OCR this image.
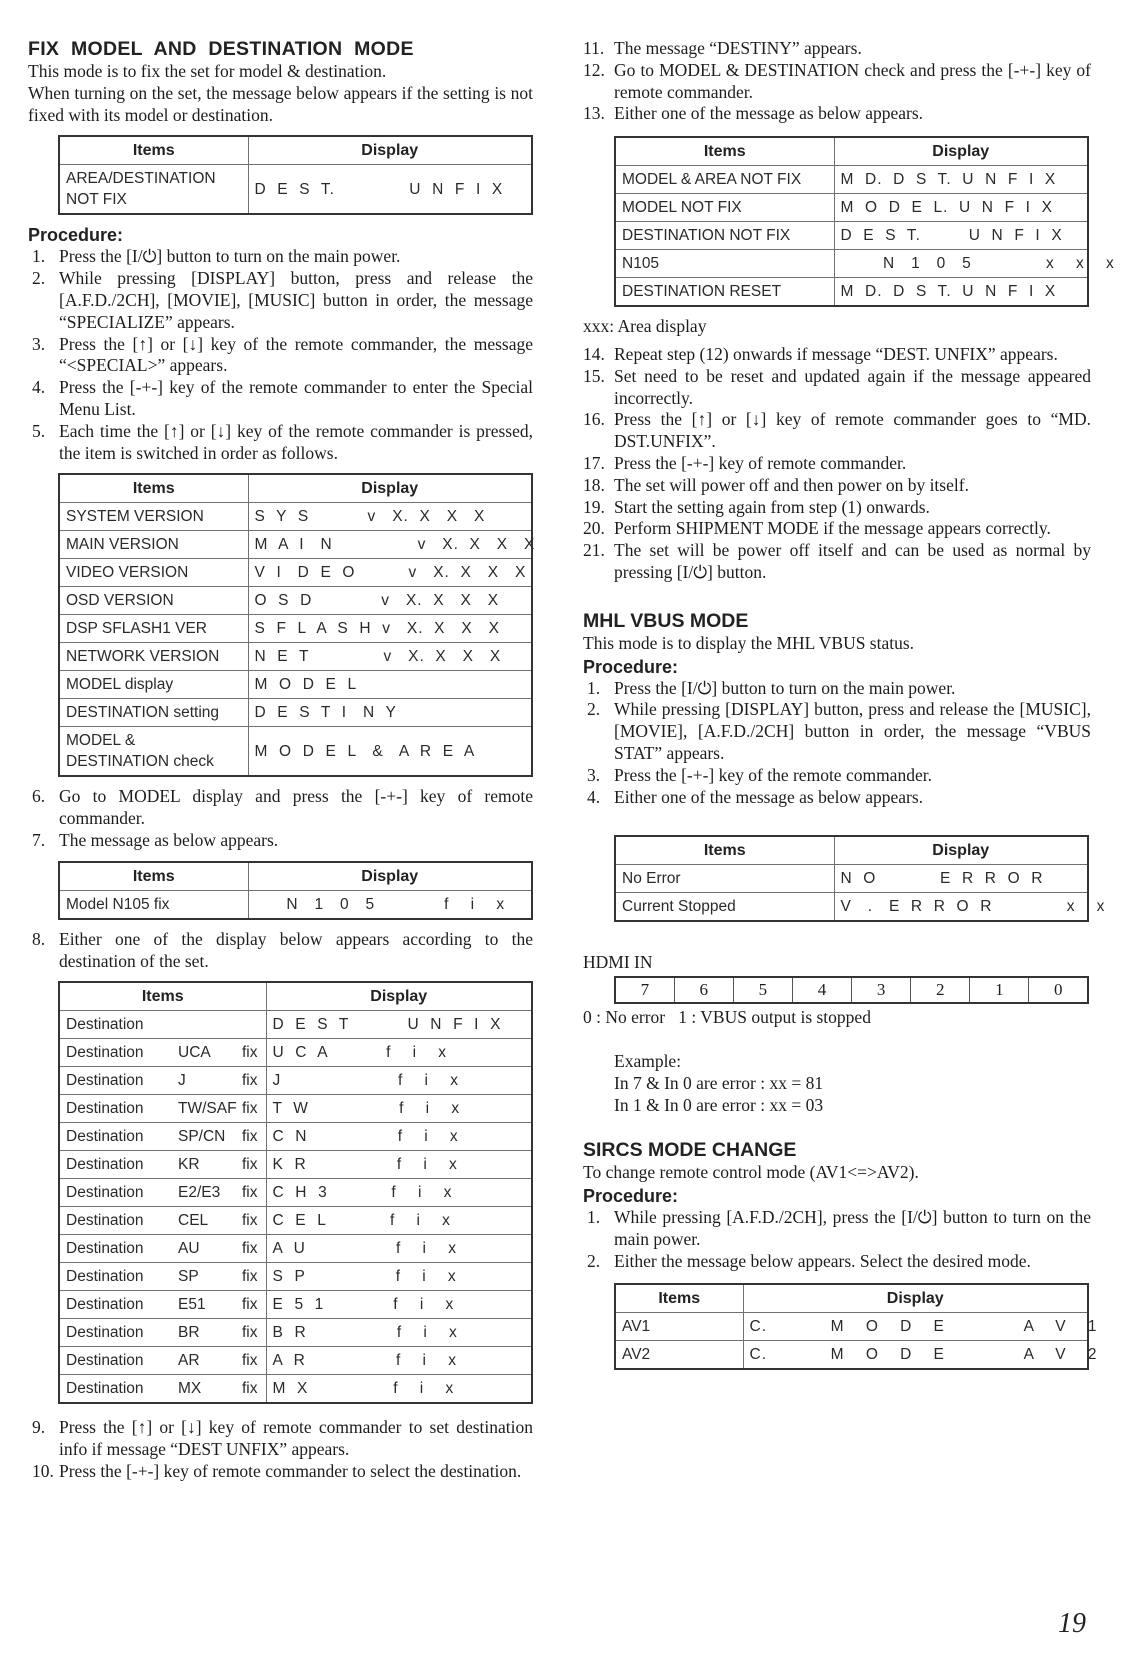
FIX MODEL AND DESTINATION MODE

This mode is to fix the set for model & destination.

When turning on the set, the message below appears if the setting is not fixed with its model or destination.

Items	Display
AREA/DESTINATION NOT FIX	D  E  S  T.              U  N  F  I  X

Procedure:

1. Press the [I/⏻] button to turn on the main power.
2. While pressing [DISPLAY] button, press and release the [A.F.D./2CH], [MOVIE], [MUSIC] button in order, the message “SPECIALIZE” appears.
3. Press the [↑] or [↓] key of the remote commander, the message “<SPECIAL>” appears.
4. Press the [-+-] key of the remote commander to enter the Special Menu List.
5. Each time the [↑] or [↓] key of the remote commander is pressed, the item is switched in order as follows.
Items	Display
SYSTEM VERSION	S  Y  S           v   X.  X   X   X
MAIN VERSION	M  A  I   N                v   X.  X   X   X
VIDEO VERSION	V  I   D  E  O          v   X.  X   X   X
OSD VERSION	O  S  D             v   X.  X   X   X
DSP SFLASH1 VER	S  F  L  A  S  H  v   X.  X   X   X
NETWORK VERSION	N  E  T              v   X.  X   X   X
MODEL display	M  O  D  E  L
DESTINATION setting	D  E  S  T  I   N  Y
MODEL & DESTINATION check	M  O  D  E  L   &   A  R  E  A
6. Go to MODEL display and press the [-+-] key of remote commander.
7. The message as below appears.
Items	Display
Model N105 fix	N   1   0   5             f    i    x
8. Either one of the display below appears according to the destination of the set.
Items	Display
Destination	D  E  S  T           U  N  F  I  X
Destination UCA fix	U  C  A           f    i    x
Destination J fix	J                      f    i    x
Destination TW/SAF fix	T  W                 f    i    x
Destination SP/CN fix	C  N                 f    i    x
Destination KR fix	K  R                 f    i    x
Destination E2/E3 fix	C  H  3            f    i    x
Destination CEL fix	C  E  L            f    i    x
Destination AU fix	A  U                 f    i    x
Destination SP fix	S  P                 f    i    x
Destination E51 fix	E  5  1             f    i    x
Destination BR fix	B  R                 f    i    x
Destination AR fix	A  R                 f    i    x
Destination MX fix	M  X                f    i    x
9. Press the [↑] or [↓] key of remote commander to set destination info if message “DEST UNFIX” appears.
10. Press the [-+-] key of remote commander to select the destination.
11. The message “DESTINY” appears.
12. Go to MODEL & DESTINATION check and press the [-+-] key of remote commander.
13. Either one of the message as below appears.
Items	Display
MODEL & AREA NOT FIX	M  D.  D  S  T.  U  N  F  I  X
MODEL NOT FIX	M  O  D  E  L.  U  N  F  I  X
DESTINATION NOT FIX	D  E  S  T.         U  N  F  I  X
N105	N   1   0   5              x    x    x
DESTINATION RESET	M  D.  D  S  T.  U  N  F  I  X

xxx: Area display

14. Repeat step (12) onwards if message “DEST. UNFIX” appears.
15. Set need to be reset and updated again if the message appeared incorrectly.
16. Press the [↑] or [↓] key of remote commander goes to “MD. DST.UNFIX”.
17. Press the [-+-] key of remote commander.
18. The set will power off and then power on by itself.
19. Start the setting again from step (1) onwards.
20. Perform SHIPMENT MODE if the message appears correctly.
21. The set will be power off itself and can be used as normal by pressing [I/⏻] button.
MHL VBUS MODE

This mode is to display the MHL VBUS status.

Procedure:

1. Press the [I/⏻] button to turn on the main power.
2. While pressing [DISPLAY] button, press and release the [MUSIC], [MOVIE], [A.F.D./2CH] button in order, the message “VBUS STAT” appears.
3. Press the [-+-] key of the remote commander.
4. Either one of the message as below appears.
Items	Display
No Error	N  O            E  R  R  O  R
Current Stopped	V   .   E  R  R  O  R              x    x

HDMI IN

7	6	5	4	3	2	1	0

0 : No error   1 : VBUS output is stopped

Example:

In 7 & In 0 are error : xx = 81

In 1 & In 0 are error : xx = 03

SIRCS MODE CHANGE

To change remote control mode (AV1<=>AV2).

Procedure:

1. While pressing [A.F.D./2CH], press the [I/⏻] button to turn on the main power.
2. Either the message below appears. Select the desired mode.
Items	Display
AV1	C.            M    O    D    E               A    V    1
AV2	C.            M    O    D    E               A    V    2
19
